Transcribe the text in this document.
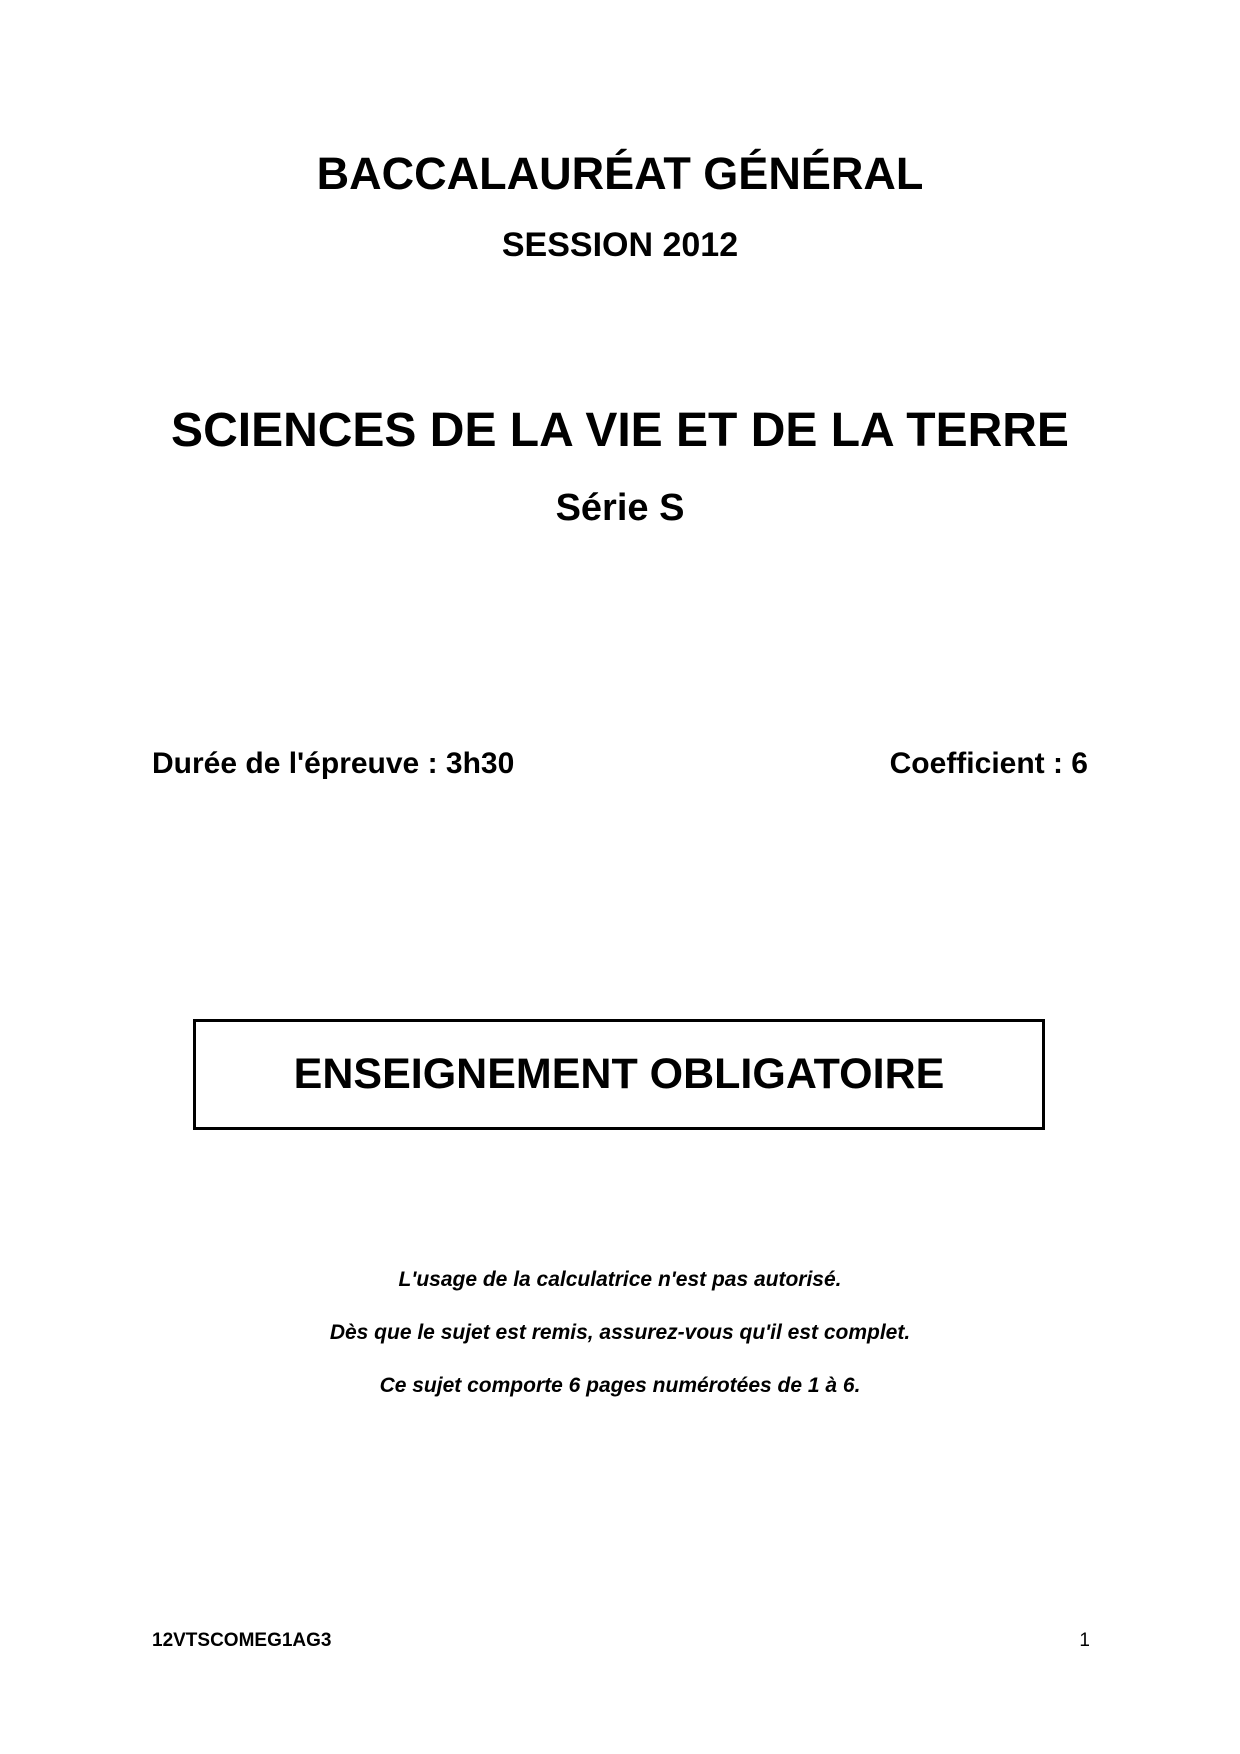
BACCALAURÉAT GÉNÉRAL
SESSION 2012
SCIENCES DE LA VIE ET DE LA TERRE
Série S
Durée de l'épreuve : 3h30	Coefficient : 6
ENSEIGNEMENT OBLIGATOIRE
L'usage de la calculatrice n'est pas autorisé.
Dès que le sujet est remis, assurez-vous qu'il est complet.
Ce sujet comporte 6 pages numérotées de 1 à 6.
12VTSCOMEG1AG3	1
